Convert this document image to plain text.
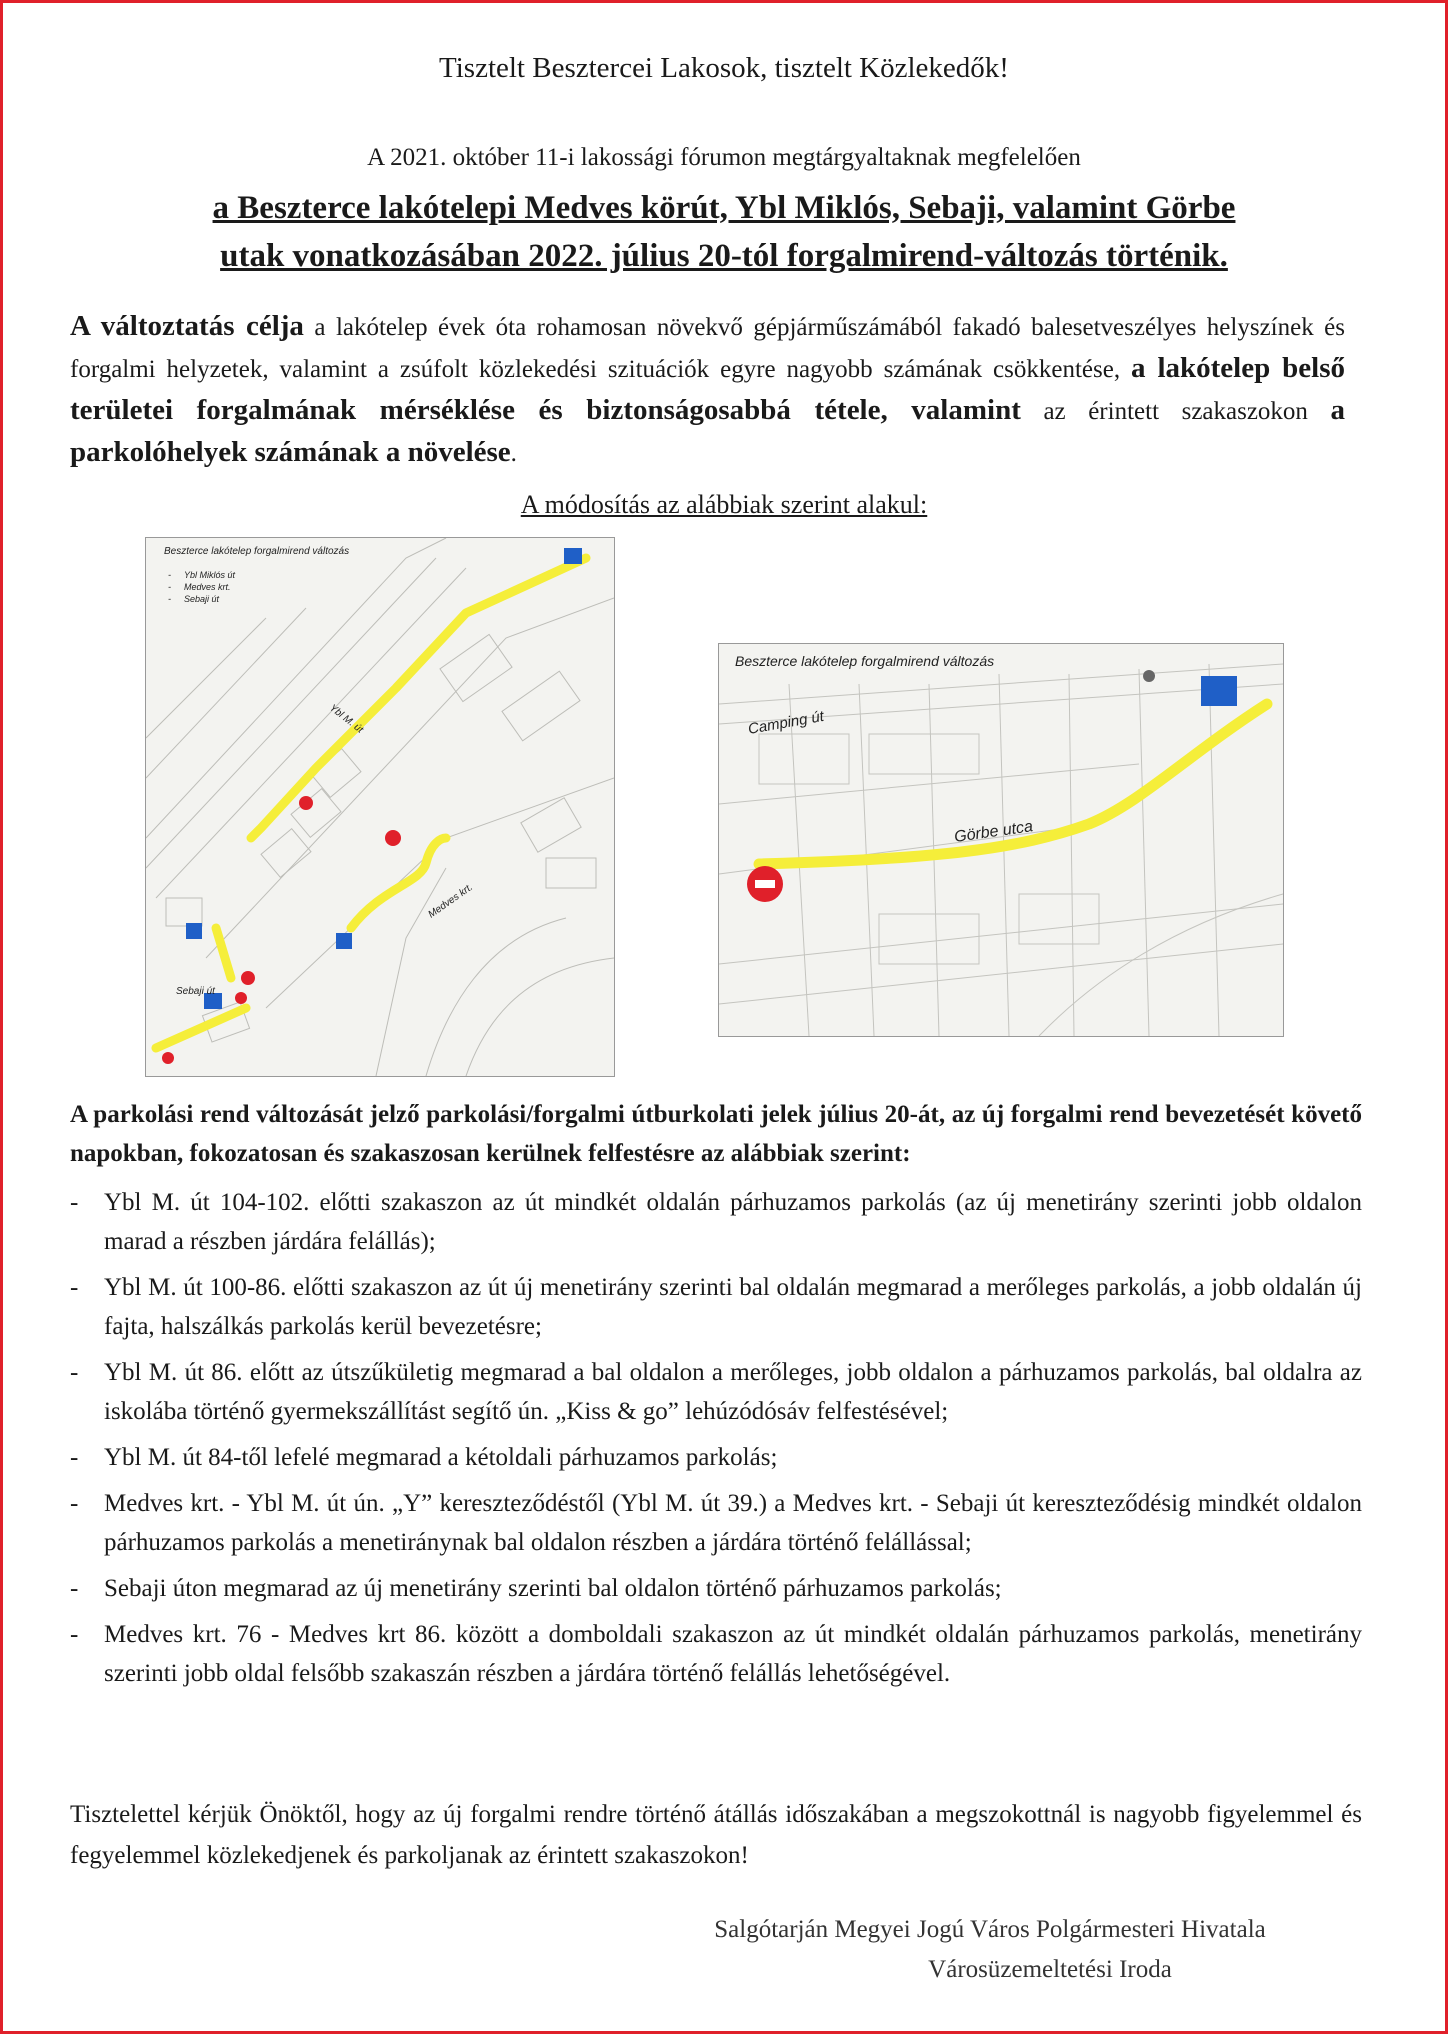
Tisztelt Besztercei Lakosok, tisztelt Közlekedők!
A 2021. október 11-i lakossági fórumon megtárgyaltaknak megfelelően
a Beszterce lakótelepi Medves körút, Ybl Miklós, Sebaji, valamint Görbe
utak vonatkozásában 2022. július 20-tól forgalmirend-változás történik.
A változtatás célja a lakótelep évek óta rohamosan növekvő gépjárműszámából fakadó balesetveszélyes helyszínek és forgalmi helyzetek, valamint a zsúfolt közlekedési szituációk egyre nagyobb számának csökkentése, a lakótelep belső területei forgalmának mérséklése és biztonságosabbá tétele, valamint az érintett szakaszokon a parkolóhelyek számának a növelése.
A módosítás az alábbiak szerint alakul:
Beszterce lakótelep forgalmirend változás
- Ybl Miklós út
- Medves krt.
- Sebaji út
Ybl M. út
Medves krt.
Sebaji út
Beszterce lakótelep forgalmirend változás
Camping út
Görbe utca
A parkolási rend változását jelző parkolási/forgalmi útburkolati jelek július 20-át, az új forgalmi rend bevezetését követő napokban, fokozatosan és szakaszosan kerülnek felfestésre az alábbiak szerint:
- Ybl M. út 104-102. előtti szakaszon az út mindkét oldalán párhuzamos parkolás (az új menetirány szerinti jobb oldalon marad a részben járdára felállás);
- Ybl M. út 100-86. előtti szakaszon az út új menetirány szerinti bal oldalán megmarad a merőleges parkolás, a jobb oldalán új fajta, halszálkás parkolás kerül bevezetésre;
- Ybl M. út 86. előtt az útszűkületig megmarad a bal oldalon a merőleges, jobb oldalon a párhuzamos parkolás, bal oldalra az iskolába történő gyermekszállítást segítő ún. „Kiss & go” lehúzódósáv felfestésével;
- Ybl M. út 84-től lefelé megmarad a kétoldali párhuzamos parkolás;
- Medves krt. - Ybl M. út ún. „Y” kereszteződéstől (Ybl M. út 39.) a Medves krt. - Sebaji út kereszteződésig mindkét oldalon párhuzamos parkolás a menetiránynak bal oldalon részben a járdára történő felállással;
- Sebaji úton megmarad az új menetirány szerinti bal oldalon történő párhuzamos parkolás;
- Medves krt. 76 - Medves krt 86. között a domboldali szakaszon az út mindkét oldalán párhuzamos parkolás, menetirány szerinti jobb oldal felsőbb szakaszán részben a járdára történő felállás lehetőségével.
Tisztelettel kérjük Önöktől, hogy az új forgalmi rendre történő átállás időszakában a megszokottnál is nagyobb figyelemmel és fegyelemmel közlekedjenek és parkoljanak az érintett szakaszokon!
Salgótarján Megyei Jogú Város Polgármesteri Hivatala
Városüzemeltetési Iroda
